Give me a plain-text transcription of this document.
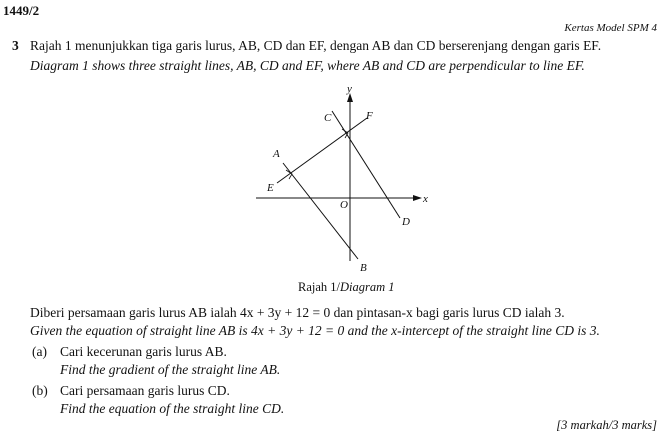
1449/2
Kertas Model SPM 4
3 Rajah 1 menunjukkan tiga garis lurus, AB, CD dan EF, dengan AB dan CD berserenjang dengan garis EF.
Diagram 1 shows three straight lines, AB, CD and EF, where AB and CD are perpendicular to line EF.
y
x
O
C	F
A
E
D
B
Rajah 1/Diagram 1
Diberi persamaan garis lurus AB ialah 4x + 3y + 12 = 0 dan pintasan-x bagi garis lurus CD ialah 3.
Given the equation of straight line AB is 4x + 3y + 12 = 0 and the x-intercept of the straight line CD is 3.
(a) Cari kecerunan garis lurus AB.
Find the gradient of the straight line AB.
(b) Cari persamaan garis lurus CD.
Find the equation of the straight line CD.
[3 markah/3 marks]
